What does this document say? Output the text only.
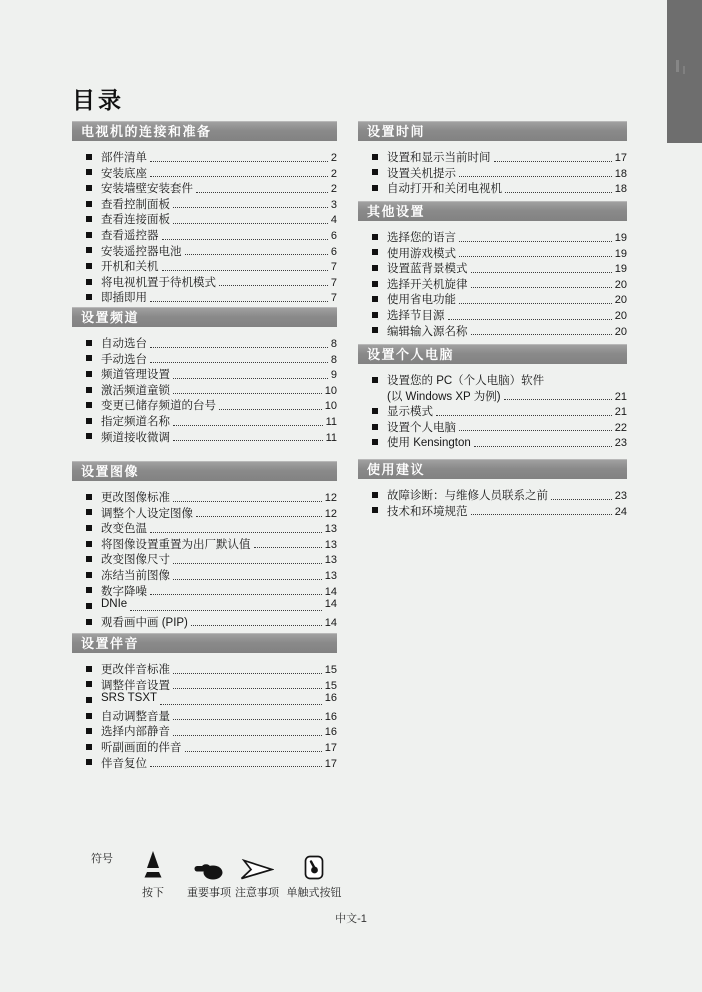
目录
电视机的连接和准备
部件清单	2
安装底座	2
安装墙壁安装套件	2
查看控制面板	3
查看连接面板	4
查看遥控器	6
安装遥控器电池	6
开机和关机	7
将电视机置于待机模式	7
即插即用	7
设置频道
自动选台	8
手动选台	8
频道管理设置	9
激活频道童锁	10
变更已储存频道的台号	10
指定频道名称	11
频道接收微调	11
设置图像
更改图像标准	12
调整个人设定图像	12
改变色温	13
将图像设置重置为出厂默认值	13
改变图像尺寸	13
冻结当前图像	13
数字降噪	14
DNIe	14
观看画中画 (PIP)	14
设置伴音
更改伴音标准	15
调整伴音设置	15
SRS TSXT	16
自动调整音量	16
选择内部静音	16
听副画面的伴音	17
伴音复位	17
设置时间
设置和显示当前时间	17
设置关机提示	18
自动打开和关闭电视机	18
其他设置
选择您的语言	19
使用游戏模式	19
设置蓝背景模式	19
选择开关机旋律	20
使用省电功能	20
选择节目源	20
编辑输入源名称	20
设置个人电脑
设置您的 PC（个人电脑）软件
(以 Windows XP 为例)	21
显示模式	21
设置个人电脑	22
使用 Kensington	23
使用建议
故障诊断：与维修人员联系之前	23
技术和环境规范	24
符号
按下 重要事项 注意事项 单触式按钮
中文-1
